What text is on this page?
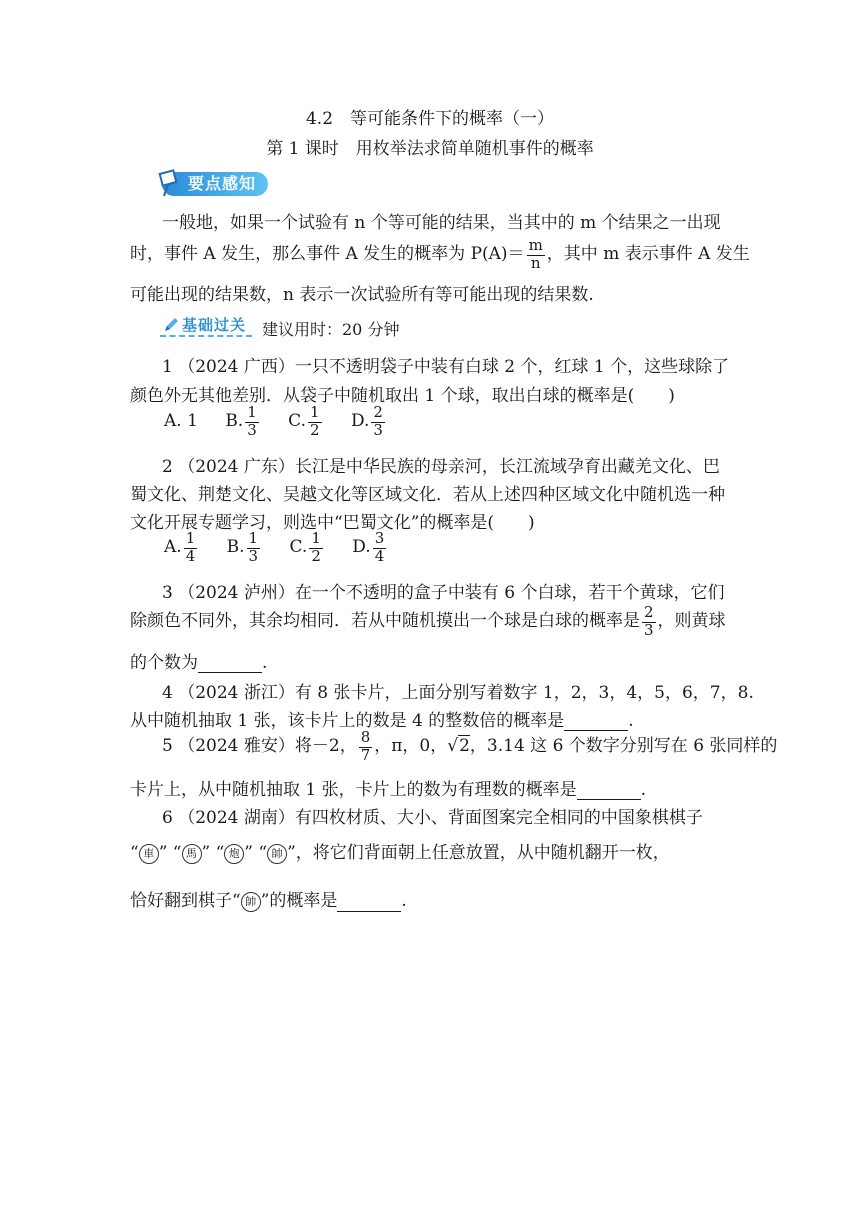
4.2　等可能条件下的概率（一）
第 1 课时　用枚举法求简单随机事件的概率
要点感知
一般地，如果一个试验有 n 个等可能的结果，当其中的 m 个结果之一出现
时，事件 A 发生，那么事件 A 发生的概率为 $P(A)= \frac{m}{n}$ ，其中 m 表示事件 A 发生
可能出现的结果数，n 表示一次试验所有等可能出现的结果数.
基础过关 建议用时：20 分钟
1 （2024 广西）一只不透明袋子中装有白球 2 个，红球 1 个，这些球除了
颜色外无其他差别．从袋子中随机取出 1 个球，取出白球的概率是(　　)
A. 1 B. $\frac{1}{3} C$. $\frac{1}{2} D$. $\frac{2}{3}$
2 （2024 广东）长江是中华民族的母亲河，长江流域孕育出藏羌文化、巴
蜀文化、荆楚文化、吴越文化等区域文化．若从上述四种区域文化中随机选一种
文化开展专题学习，则选中“巴蜀文化”的概率是(　　)
A. $\frac{1}{4} B$. $\frac{1}{3} C$. $\frac{1}{2} D$. $\frac{3}{4}$
3 （2024 泸州）在一个不透明的盒子中装有 6 个白球，若干个黄球，它们
除颜色不同外，其余均相同．若从中随机摸出一个球是白球的概率是 $\frac{2}{3}$ ，则黄球
的个数为	.
4 （2024 浙江）有 8 张卡片，上面分别写着数字 1，2，3，4，5，6，7，8.
从中随机抽取 1 张，该卡片上的数是 4 的整数倍的概率是	.
5 （2024 雅安）将－2， $\frac{8}{7}$ ，π，0，√2，3.14 这 6 个数字分别写在 6 张同样的
卡片上，从中随机抽取 1 张，卡片上的数为有理数的概率是	.
6 （2024 湖南）有四枚材质、大小、背面图案完全相同的中国象棋棋子
“ 車 ” “ 馬 ” “ 炮 ” “ 帥 ”，将它们背面朝上任意放置，从中随机翻开一枚，
恰好翻到棋子“ 帥 ”的概率是	.
